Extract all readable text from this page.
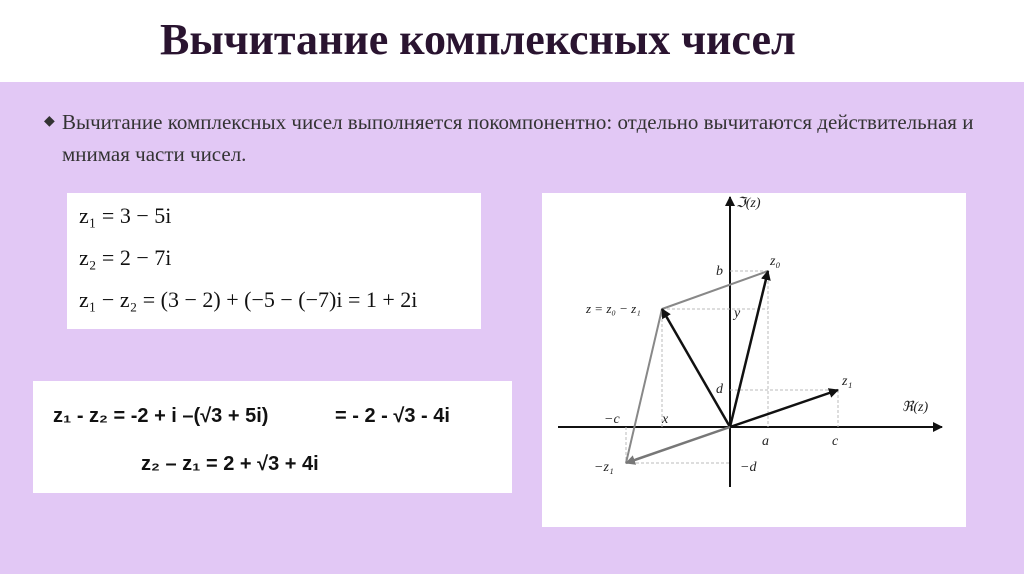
Вычитание комплексных чисел
◆ Вычитание комплексных чисел выполняется покомпонентно: отдельно вычитаются действительная и мнимая части чисел.
z₁ = 3 − 5i
z₂ = 2 − 7i
z₁ − z₂ = (3 − 2) + (−5 − (−7)i = 1 + 2i
z₁ - z₂ = -2 + i –(√3 + 5i)	= - 2 - √3 - 4i
z₂ – z₁ = 2 + √3 + 4i
ℑ(z)
ℜ(z)
z₀
z₁
z = z₀ − z₁
−z₁
b
y
d
x
−c
a	c
−d
